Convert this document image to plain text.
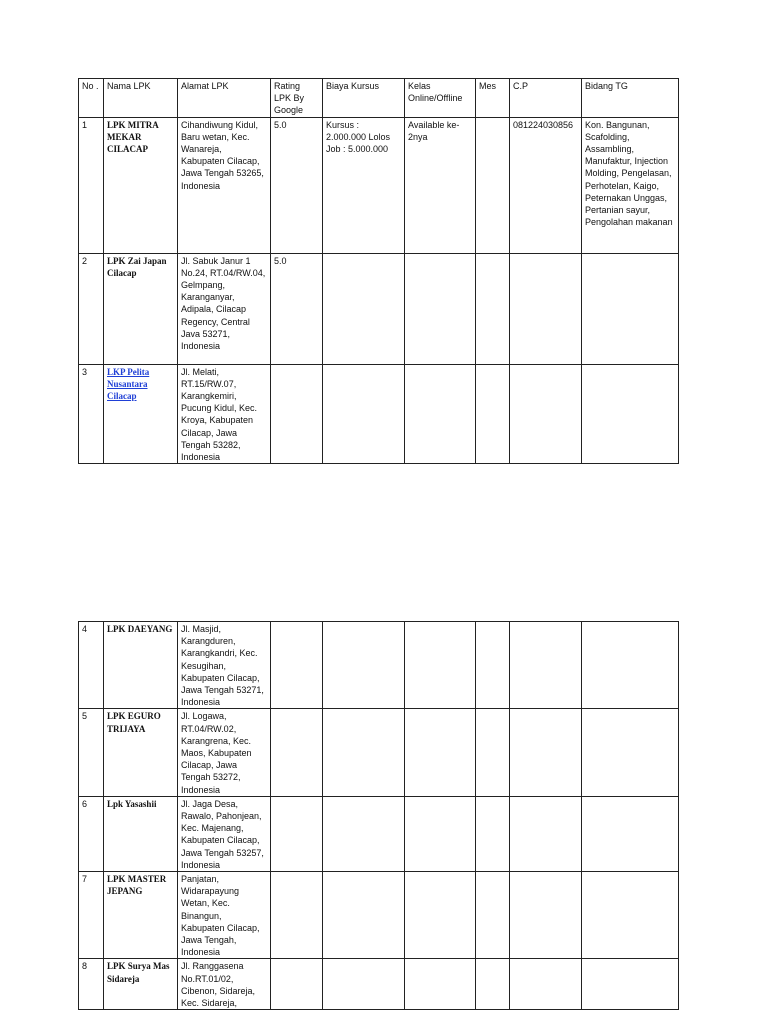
No .	Nama LPK	Alamat LPK	Rating LPK By Google	Biaya Kursus	Kelas Online/Offline	Mes	C.P	Bidang TG
1	LPK MITRA MEKAR CILACAP	Cihandiwung Kidul, Baru wetan, Kec. Wanareja, Kabupaten Cilacap, Jawa Tengah 53265, Indonesia	5.0	Kursus : 2.000.000 Lolos Job : 5.000.000	Available ke-2nya		081224030856	Kon. Bangunan, Scafolding, Assambling, Manufaktur, Injection Molding, Pengelasan, Perhotelan, Kaigo, Peternakan Unggas, Pertanian sayur, Pengolahan makanan
2	LPK Zai Japan Cilacap	Jl. Sabuk Janur 1 No.24, RT.04/RW.04, Gelmpang, Karanganyar, Adipala, Cilacap Regency, Central Java 53271, Indonesia	5.0					
3	LKP Pelita Nusantara Cilacap	Jl. Melati, RT.15/RW.07, Karangkemiri, Pucung Kidul, Kec. Kroya, Kabupaten Cilacap, Jawa Tengah 53282, Indonesia						
4	LPK DAEYANG	Jl. Masjid, Karangduren, Karangkandri, Kec. Kesugihan, Kabupaten Cilacap, Jawa Tengah 53271, Indonesia						
5	LPK EGURO TRIJAYA	Jl. Logawa, RT.04/RW.02, Karangrena, Kec. Maos, Kabupaten Cilacap, Jawa Tengah 53272, Indonesia						
6	Lpk Yasashii	Jl. Jaga Desa, Rawalo, Pahonjean, Kec. Majenang, Kabupaten Cilacap, Jawa Tengah 53257, Indonesia						
7	LPK MASTER JEPANG	Panjatan, Widarapayung Wetan, Kec. Binangun, Kabupaten Cilacap, Jawa Tengah, Indonesia						
8	LPK Surya Mas Sidareja	Jl. Ranggasena No.RT.01/02, Cibenon, Sidareja, Kec. Sidareja,						
